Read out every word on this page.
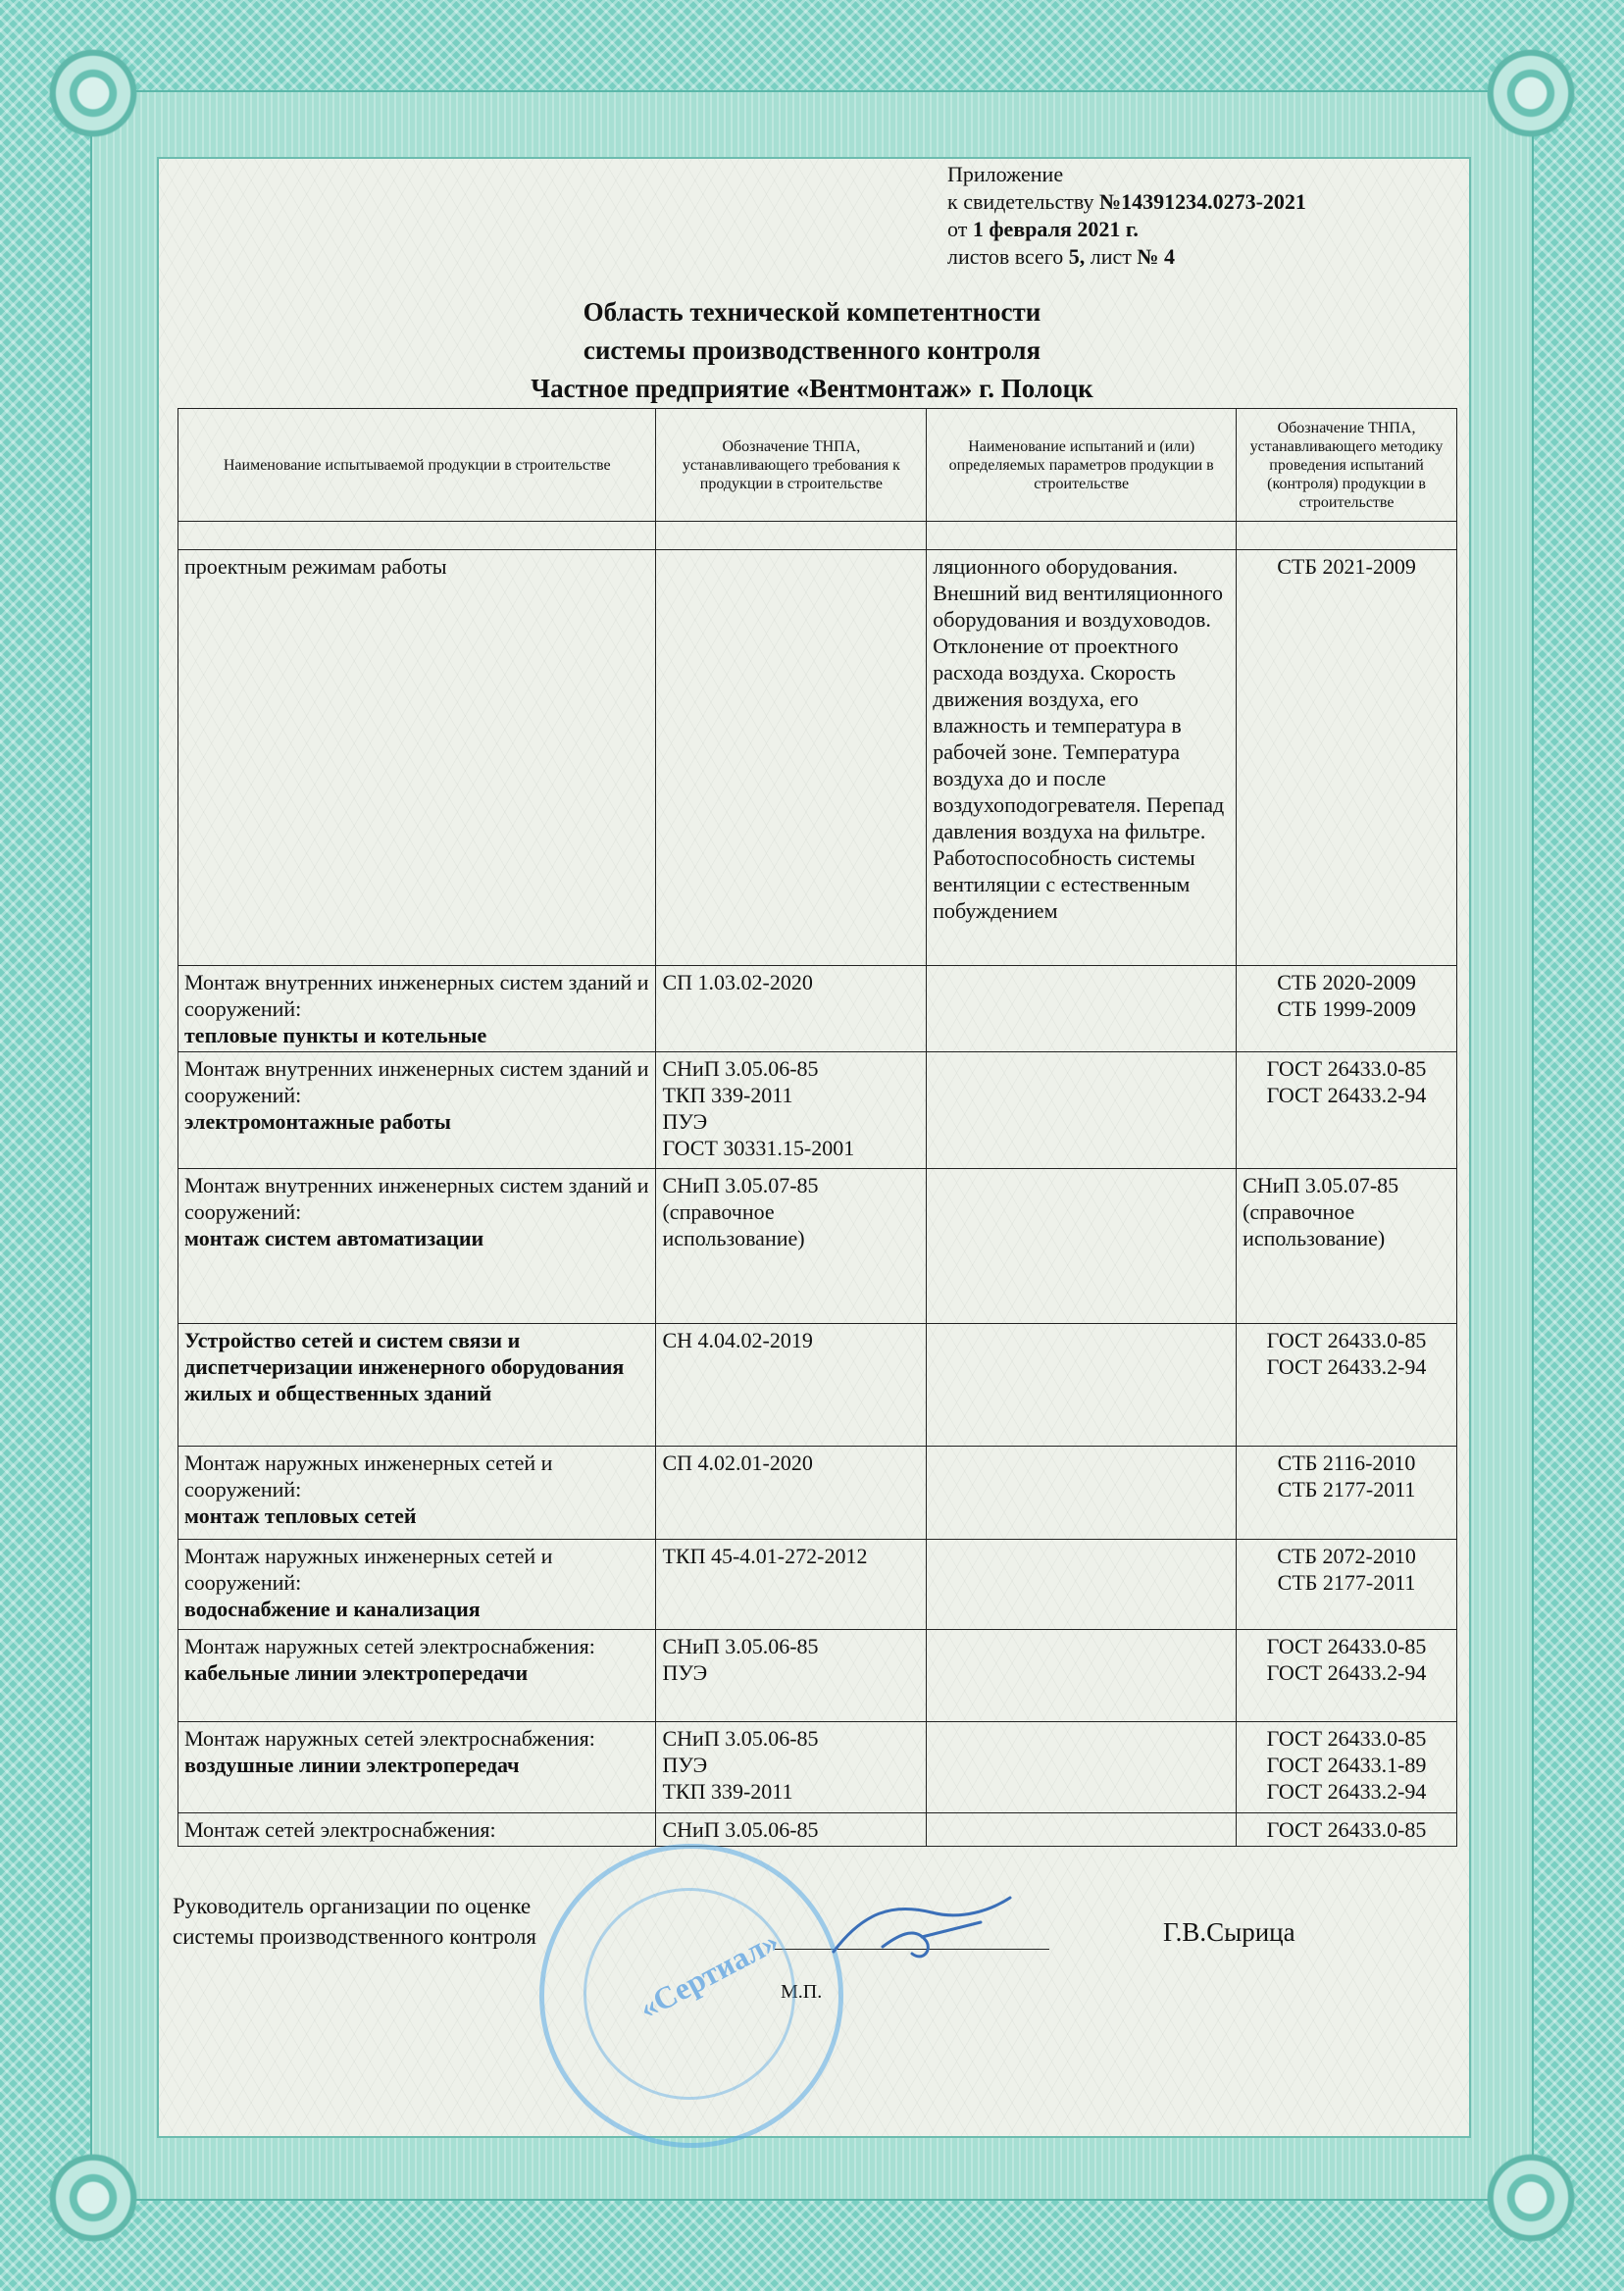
Приложение
к свидетельству №14391234.0273-2021
от 1 февраля 2021 г.
листов всего 5, лист № 4
Область технической компетентности
системы производственного контроля
Частное предприятие «Вентмонтаж» г. Полоцк
Наименование испытываемой продукции в строительстве	Обозначение ТНПА, устанавливающего требования к продукции в строительстве	Наименование испытаний и (или) определяемых параметров продукции в строительстве	Обозначение ТНПА, устанавливающего методику проведения испытаний (контроля) продукции в строительстве

проектным режимам работы		ляционного оборудования. Внешний вид вентиляционного оборудования и воздуховодов. Отклонение от проектного расхода воздуха. Скорость движения воздуха, его влажность и температура в рабочей зоне. Температура воздуха до и после воздухоподогревателя. Перепад давления воздуха на фильтре. Работоспособность системы вентиляции с естественным побуждением	СТБ 2021-2009
Монтаж внутренних инженерных систем зданий и сооружений:
тепловые пункты и котельные	СП 1.03.02-2020		СТБ 2020-2009
СТБ 1999-2009
Монтаж внутренних инженерных систем зданий и сооружений:
электромонтажные работы	СНиП 3.05.06-85
ТКП 339-2011
ПУЭ
ГОСТ 30331.15-2001		ГОСТ 26433.0-85
ГОСТ 26433.2-94
Монтаж внутренних инженерных систем зданий и сооружений:
монтаж систем автоматизации	СНиП 3.05.07-85
(справочное
использование)		СНиП 3.05.07-85
(справочное
использование)
Устройство сетей и систем связи и диспетчеризации инженерного оборудования жилых и общественных зданий	СН 4.04.02-2019		ГОСТ 26433.0-85
ГОСТ 26433.2-94
Монтаж наружных инженерных сетей и сооружений:
монтаж тепловых сетей	СП 4.02.01-2020		СТБ 2116-2010
СТБ 2177-2011
Монтаж наружных инженерных сетей и сооружений:
водоснабжение и канализация	ТКП 45-4.01-272-2012		СТБ 2072-2010
СТБ 2177-2011
Монтаж наружных сетей электроснабжения:
кабельные линии электропередачи	СНиП 3.05.06-85
ПУЭ		ГОСТ 26433.0-85
ГОСТ 26433.2-94
Монтаж наружных сетей электроснабжения:
воздушные линии электропередач	СНиП 3.05.06-85
ПУЭ
ТКП 339-2011		ГОСТ 26433.0-85
ГОСТ 26433.1-89
ГОСТ 26433.2-94
Монтаж сетей электроснабжения:	СНиП 3.05.06-85		ГОСТ 26433.0-85
Руководитель организации по оценке
системы производственного контроля	Г.В.Сырица
М.П.
«Сертиал»
